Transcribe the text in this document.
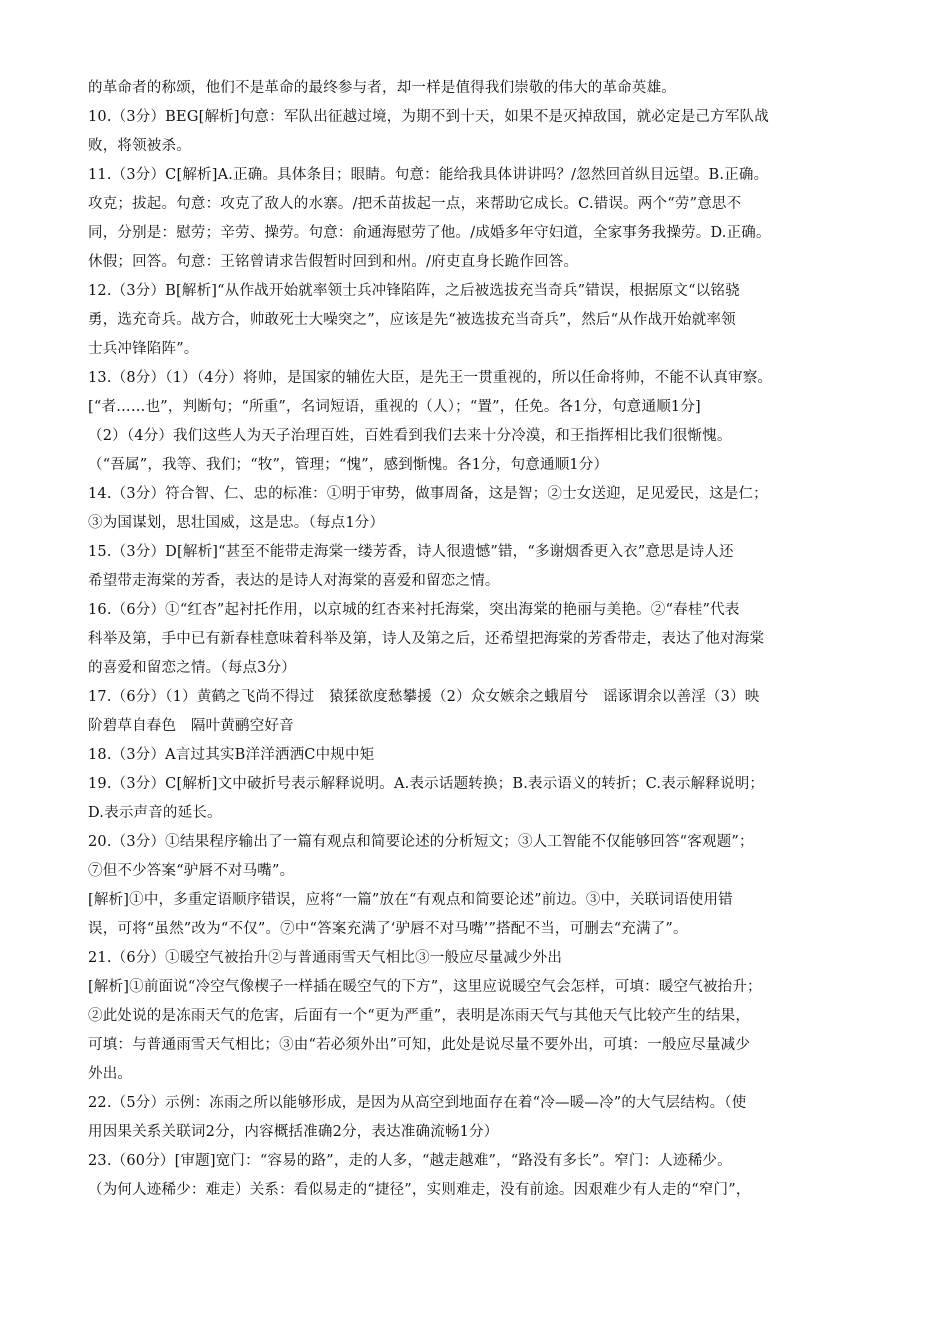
的革命者的称颂，他们不是革命的最终参与者，却一样是值得我们崇敬的伟大的革命英雄。
10.（3分）BEG[解析]句意：军队出征越过境，为期不到十天，如果不是灭掉敌国，就必定是己方军队战
败，将领被杀。
11.（3分）C[解析]A.正确。具体条目；眼睛。句意：能给我具体讲讲吗？/忽然回首纵目远望。B.正确。
攻克；拔起。句意：攻克了敌人的水寨。/把禾苗拔起一点，来帮助它成长。C.错误。两个“劳”意思不
同，分别是：慰劳；辛劳、操劳。句意：俞通海慰劳了他。/成婚多年守妇道，全家事务我操劳。D.正确。
休假；回答。句意：王铭曾请求告假暂时回到和州。/府吏直身长跪作回答。
12.（3分）B[解析]“从作战开始就率领士兵冲锋陷阵，之后被选拔充当奇兵”错误，根据原文“以铭骁
勇，选充奇兵。战方合，帅敢死士大噪突之”，应该是先“被选拔充当奇兵”，然后“从作战开始就率领
士兵冲锋陷阵”。
13.（8分）（1）（4分）将帅，是国家的辅佐大臣，是先王一贯重视的，所以任命将帅，不能不认真审察。
[“者……也”，判断句；“所重”，名词短语，重视的（人）；“置”，任免。各1分，句意通顺1分]
（2）（4分）我们这些人为天子治理百姓，百姓看到我们去来十分冷漠，和王指挥相比我们很惭愧。
（“吾属”，我等、我们；“牧”，管理；“愧”，感到惭愧。各1分，句意通顺1分）
14.（3分）符合智、仁、忠的标准：①明于审势，做事周备，这是智；②士女送迎，足见爱民，这是仁；
③为国谋划，思壮国威，这是忠。（每点1分）
15.（3分）D[解析]“甚至不能带走海棠一缕芳香，诗人很遗憾”错，“多谢烟香更入衣”意思是诗人还
希望带走海棠的芳香，表达的是诗人对海棠的喜爱和留恋之情。
16.（6分）①“红杏”起衬托作用，以京城的红杏来衬托海棠，突出海棠的艳丽与美艳。②“春桂”代表
科举及第，手中已有新春桂意味着科举及第，诗人及第之后，还希望把海棠的芳香带走，表达了他对海棠
的喜爱和留恋之情。（每点3分）
17.（6分）（1）黄鹤之飞尚不得过　猿猱欲度愁攀援（2）众女嫉余之蛾眉兮　谣诼谓余以善淫（3）映
阶碧草自春色　隔叶黄鹂空好音
18.（3分）A言过其实B洋洋洒洒C中规中矩
19.（3分）C[解析]文中破折号表示解释说明。A.表示话题转换；B.表示语义的转折；C.表示解释说明；
D.表示声音的延长。
20.（3分）①结果程序输出了一篇有观点和简要论述的分析短文；③人工智能不仅能够回答“客观题”；
⑦但不少答案“驴唇不对马嘴”。
[解析]①中，多重定语顺序错误，应将“一篇”放在“有观点和简要论述”前边。③中，关联词语使用错
误，可将“虽然”改为“不仅”。⑦中“答案充满了‘驴唇不对马嘴’”搭配不当，可删去“充满了”。
21.（6分）①暖空气被抬升②与普通雨雪天气相比③一般应尽量减少外出
[解析]①前面说“冷空气像楔子一样插在暖空气的下方”，这里应说暖空气会怎样，可填：暖空气被抬升；
②此处说的是冻雨天气的危害，后面有一个“更为严重”，表明是冻雨天气与其他天气比较产生的结果，
可填：与普通雨雪天气相比；③由“若必须外出”可知，此处是说尽量不要外出，可填：一般应尽量减少
外出。
22.（5分）示例：冻雨之所以能够形成，是因为从高空到地面存在着“冷—暖—冷”的大气层结构。（使
用因果关系关联词2分，内容概括准确2分，表达准确流畅1分）
23.（60分）[审题]宽门：“容易的路”，走的人多，“越走越难”，“路没有多长”。窄门：人迹稀少。
（为何人迹稀少：难走）关系：看似易走的“捷径”，实则难走，没有前途。因艰难少有人走的“窄门”，
